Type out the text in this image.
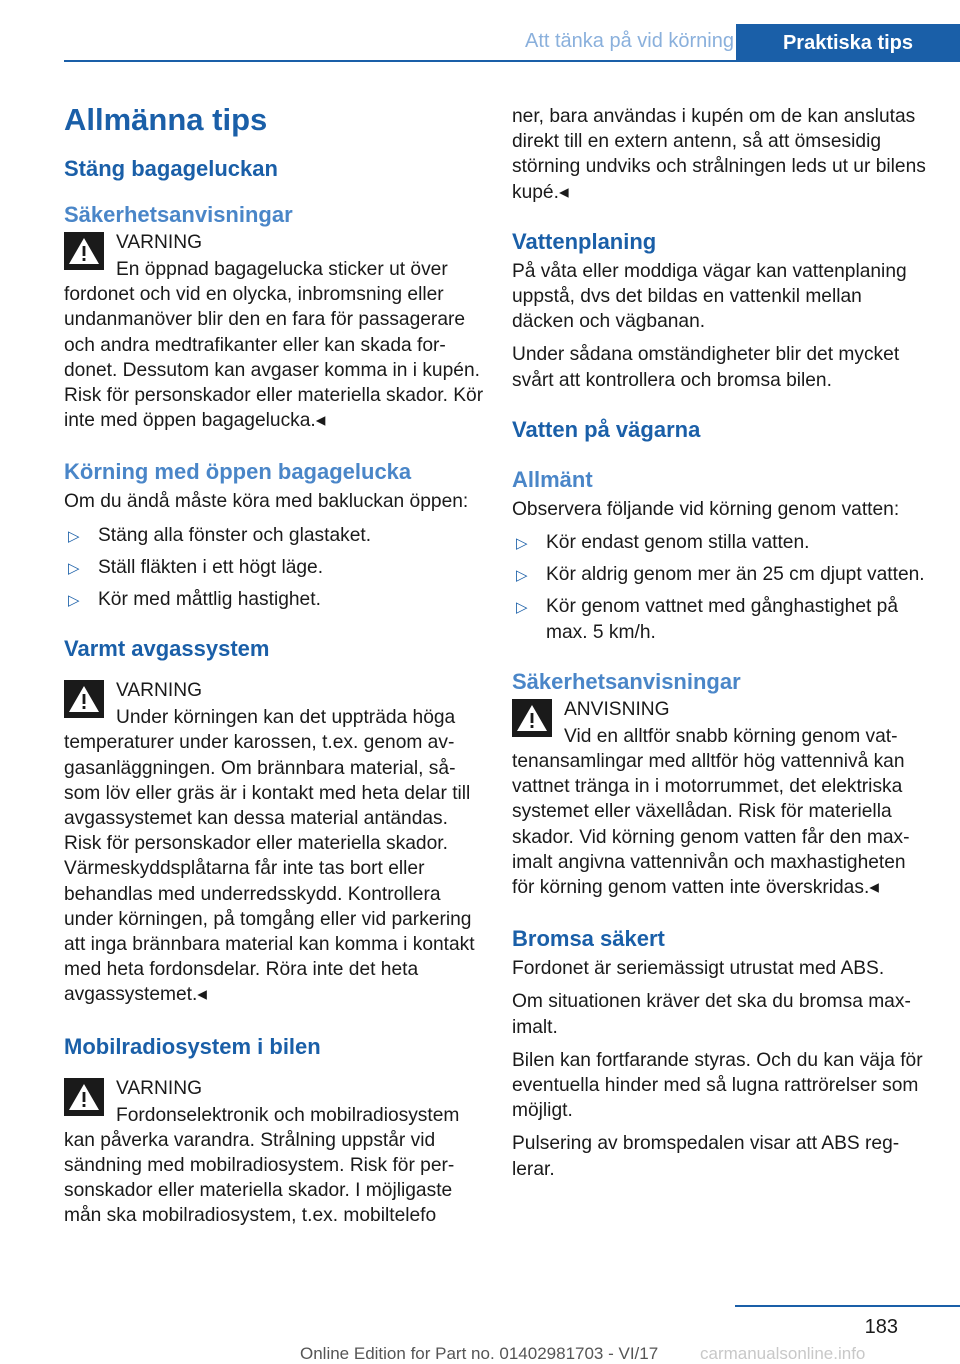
Att tänka på vid körning	Praktiska tips
Allmänna tips
Stäng bagageluckan
Säkerhetsanvisningar
VARNING
En öppnad bagagelucka sticker ut över fordonet och vid en olycka, inbromsning eller undanmanöver blir den en fara för passagerare och andra medtrafikanter eller kan skada fordonet. Dessutom kan avgaser komma in i kupén. Risk för personskador eller materiella skador. Kör inte med öppen bagagelucka.◂
Körning med öppen bagagelucka
Om du ändå måste köra med bakluckan öppen:
▷ Stäng alla fönster och glastaket.
▷ Ställ fläkten i ett högt läge.
▷ Kör med måttlig hastighet.
Varmt avgassystem
VARNING
Under körningen kan det uppträda höga temperaturer under karossen, t.ex. genom avgasanläggningen. Om brännbara material, såsom löv eller gräs är i kontakt med heta delar till avgassystemet kan dessa material antändas. Risk för personskador eller materiella skador. Värmeskyddsplåtarna får inte tas bort eller behandlas med underredsskydd. Kontrollera under körningen, på tomgång eller vid parkering att inga brännbara material kan komma i kontakt med heta fordonsdelar. Röra inte det heta avgassystemet.◂
Mobilradiosystem i bilen
VARNING
Fordonselektronik och mobilradiosystem kan påverka varandra. Strålning uppstår vid sändning med mobilradiosystem. Risk för personskador eller materiella skador. I möjligaste mån ska mobilradiosystem, t.ex. mobiltelefo
ner, bara användas i kupén om de kan anslutas direkt till en extern antenn, så att ömsesidig störning undviks och strålningen leds ut ur bilens kupé.◂
Vattenplaning
På våta eller moddiga vägar kan vattenplaning uppstå, dvs det bildas en vattenkil mellan däcken och vägbanan.
Under sådana omständigheter blir det mycket svårt att kontrollera och bromsa bilen.
Vatten på vägarna
Allmänt
Observera följande vid körning genom vatten:
▷ Kör endast genom stilla vatten.
▷ Kör aldrig genom mer än 25 cm djupt vatten.
▷ Kör genom vattnet med gånghastighet på max. 5 km/h.
Säkerhetsanvisningar
ANVISNING
Vid en alltför snabb körning genom vattenansamlingar med alltför hög vattennivå kan vattnet tränga in i motorrummet, det elektriska systemet eller växellådan. Risk för materiella skador. Vid körning genom vatten får den maximalt angivna vattennivån och maxhastigheten för körning genom vatten inte överskridas.◂
Bromsa säkert
Fordonet är seriemässigt utrustat med ABS.
Om situationen kräver det ska du bromsa maximalt.
Bilen kan fortfarande styras. Och du kan väja för eventuella hinder med så lugna rattrörelser som möjligt.
Pulsering av bromspedalen visar att ABS reglerar.
183
Online Edition for Part no. 01402981703 - VI/17 carmanualsonline.info
